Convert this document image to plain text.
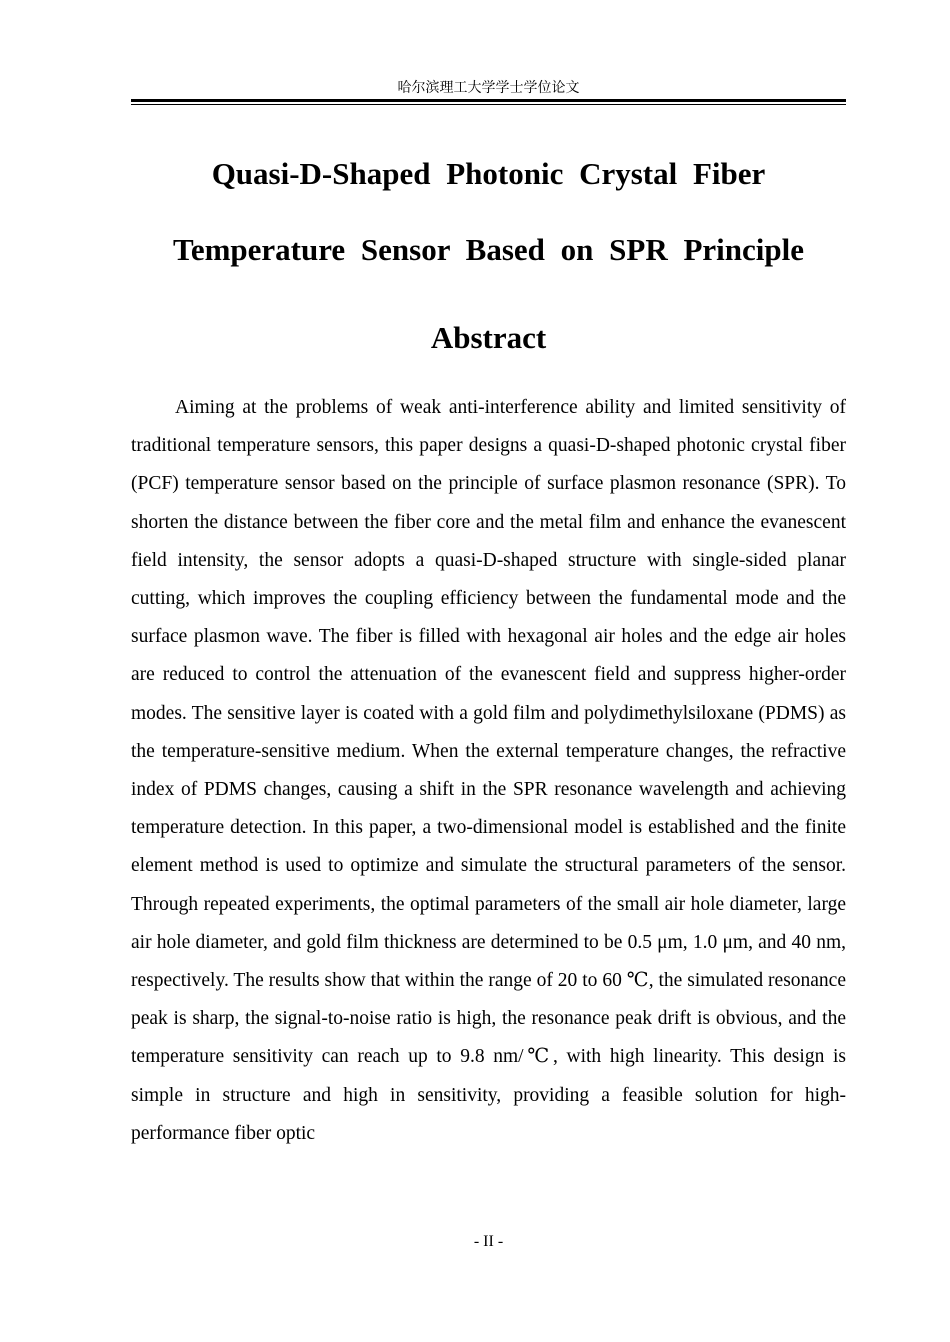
哈尔滨理工大学学士学位论文
Quasi-D-Shaped Photonic Crystal Fiber
Temperature Sensor Based on SPR Principle
Abstract

Aiming at the problems of weak anti-interference ability and limited sensitivity of traditional temperature sensors, this paper designs a quasi-D-shaped photonic crystal fiber (PCF) temperature sensor based on the principle of surface plasmon resonance (SPR). To shorten the distance between the fiber core and the metal film and enhance the evanescent field intensity, the sensor adopts a quasi-D-shaped structure with single-sided planar cutting, which improves the coupling efficiency between the fundamental mode and the surface plasmon wave. The fiber is filled with hexagonal air holes and the edge air holes are reduced to control the attenuation of the evanescent field and suppress higher-order modes. The sensitive layer is coated with a gold film and polydimethylsiloxane (PDMS) as the temperature-sensitive medium. When the external temperature changes, the refractive index of PDMS changes, causing a shift in the SPR resonance wavelength and achieving temperature detection. In this paper, a two-dimensional model is established and the finite element method is used to optimize and simulate the structural parameters of the sensor. Through repeated experiments, the optimal parameters of the small air hole diameter, large air hole diameter, and gold film thickness are determined to be 0.5 μm, 1.0 μm, and 40 nm, respectively. The results show that within the range of 20 to 60 ℃, the simulated resonance peak is sharp, the signal-to-noise ratio is high, the resonance peak drift is obvious, and the temperature sensitivity can reach up to 9.8 nm/℃, with high linearity. This design is simple in structure and high in sensitivity, providing a feasible solution for high-performance fiber optic

- II -
